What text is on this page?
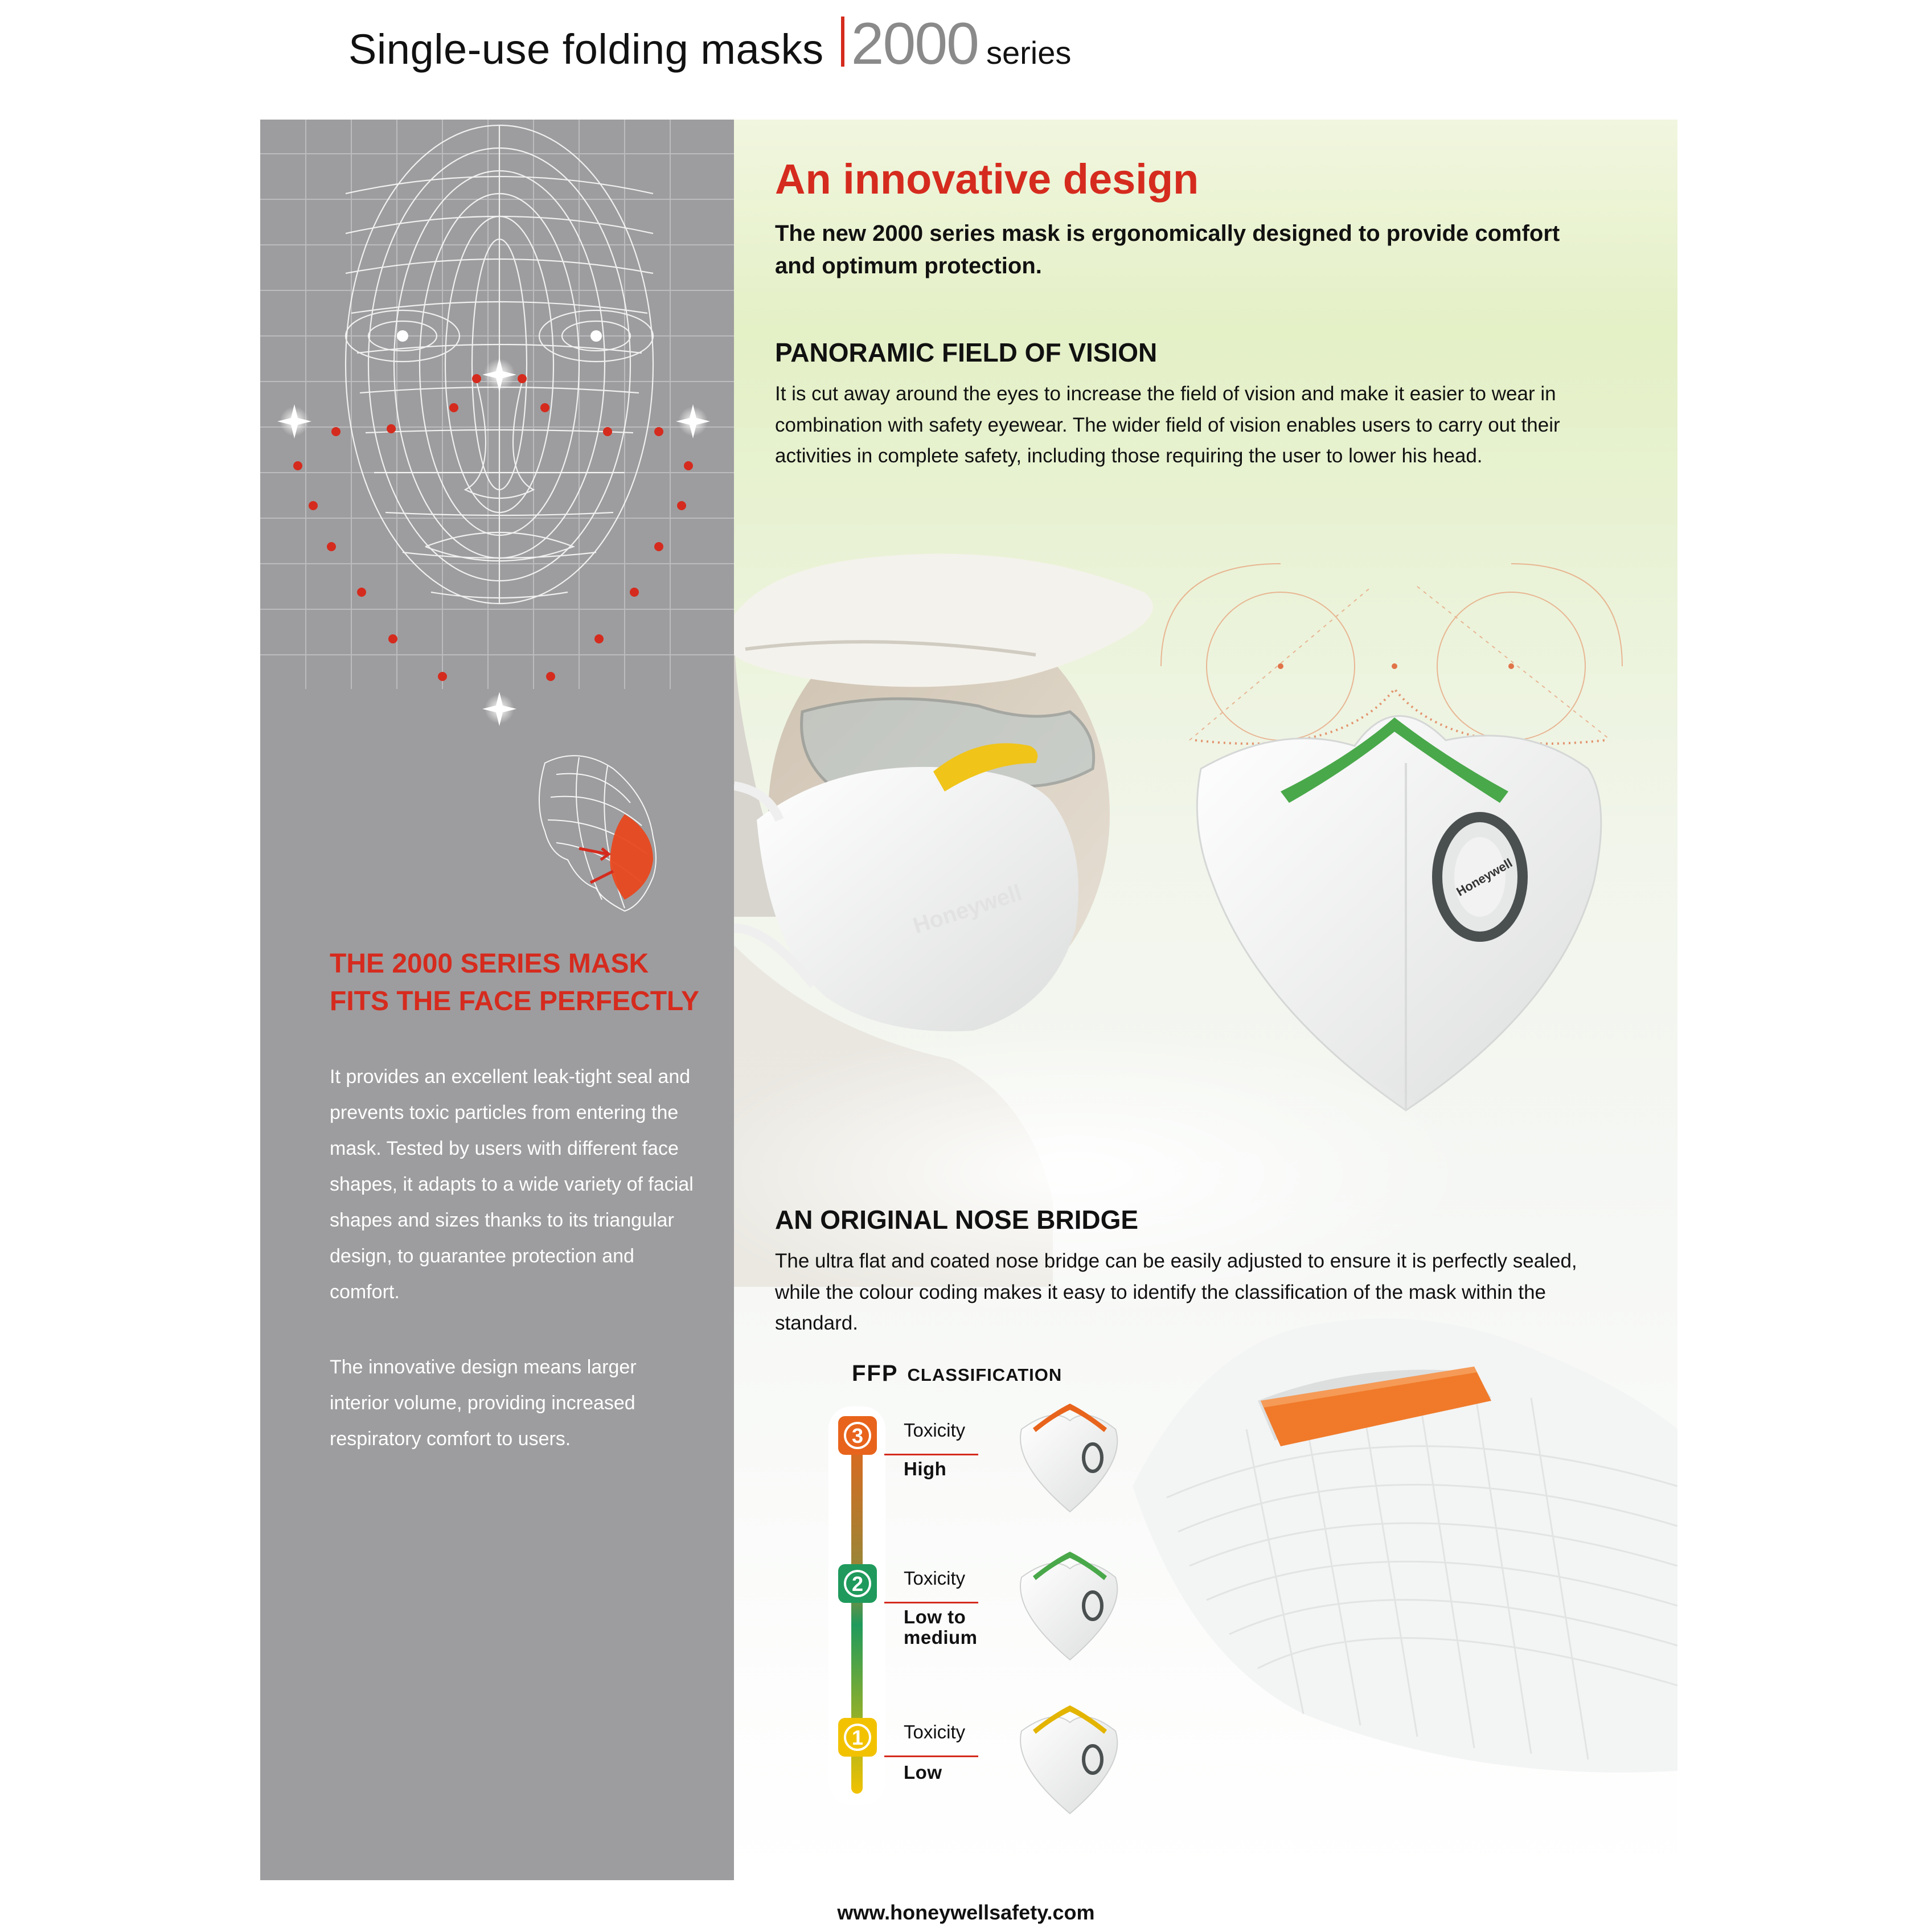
Single-use folding masks 2000 series
THE 2000 SERIES MASK
FITS THE FACE PERFECTLY

It provides an excellent leak-tight seal and prevents toxic particles from entering the mask. Tested by users with different face shapes, it adapts to a wide variety of facial shapes and sizes thanks to its triangular design, to guarantee protection and comfort.

The innovative design means larger interior volume, providing increased respiratory comfort to users.

Honeywell
Honeywell
An innovative design

The new 2000 series mask is ergonomically designed to provide comfort and optimum protection.

PANORAMIC FIELD OF VISION

It is cut away around the eyes to increase the field of vision and make it easier to wear in combination with safety eyewear. The wider field of vision enables users to carry out their activities in complete safety, including those requiring the user to lower his head.

AN ORIGINAL NOSE BRIDGE

The ultra flat and coated nose bridge can be easily adjusted to ensure it is perfectly sealed, while the colour coding makes it easy to identify the classification of the mask within the standard.

FFP CLASSIFICATION
3
2
1

Toxicity

High

Toxicity

Low to
medium

Toxicity

Low

www.honeywellsafety.com
